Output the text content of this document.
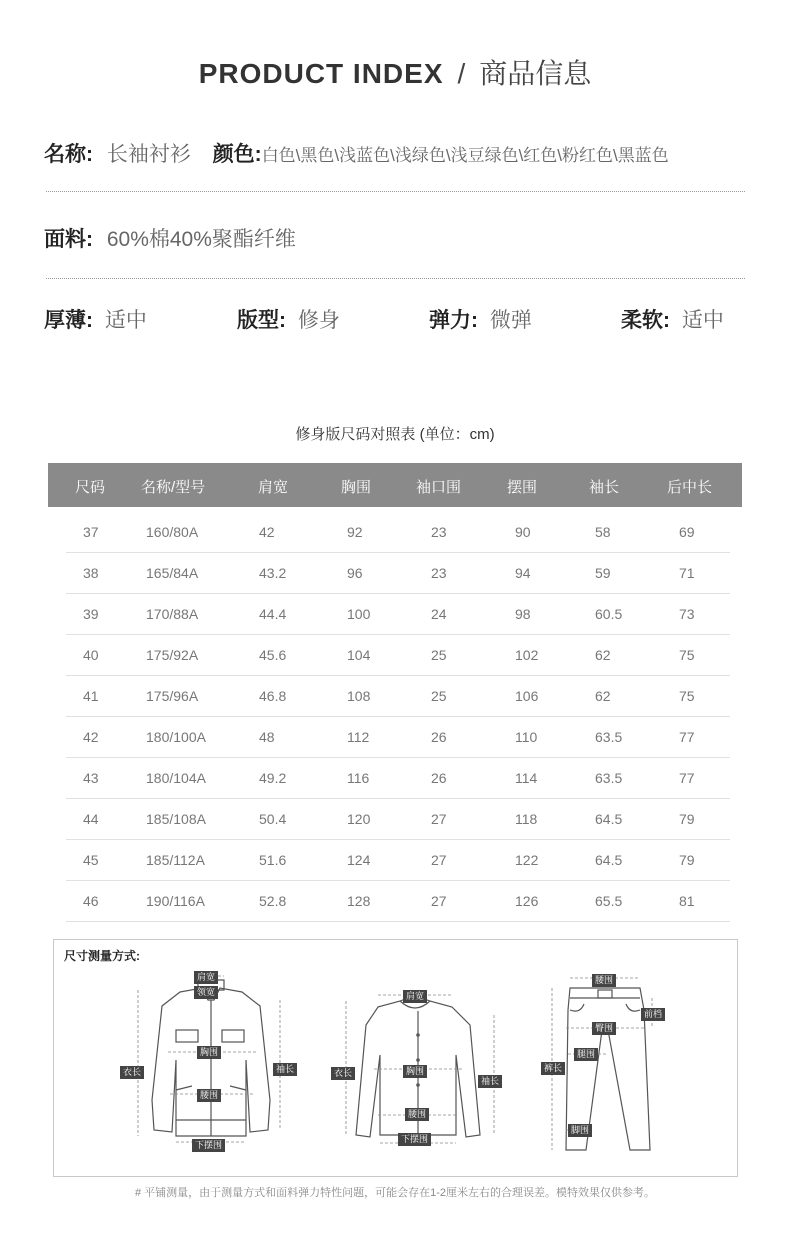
PRODUCT INDEX / 商品信息
名称: 长袖衬衫 颜色:白色\黑色\浅蓝色\浅绿色\浅豆绿色\红色\粉红色\黑蓝色
面料: 60%棉40%聚酯纤维
厚薄: 适中	版型: 修身	弹力: 微弹	柔软: 适中
修身版尺码对照表 (单位：cm)
尺码 名称/型号	肩宽	胸围	袖口围	摆围	袖长	后中长
37	160/80A	42	92	23	90	58	69
38	165/84A	43.2	96	23	94	59	71
39	170/88A	44.4	100	24	98	60.5	73
40	175/92A	45.6	104	25	102	62	75
41	175/96A	46.8	108	25	106	62	75
42	180/100A	48	112	26	110	63.5	77
43	180/104A	49.2	116	26	114	63.5	77
44	185/108A	50.4	120	27	118	64.5	79
45	185/112A	51.6	124	27	122	64.5	79
46	190/116A	52.8	128	27	126	65.5	81
尺寸测量方式:
肩宽
领宽
胸围
腰围
衣长	袖长
下摆围
肩宽
胸围
腰围
衣长
袖长
下摆围
腰围
前档
臀围
腿围
裤长
脚围
# 平铺测量，由于测量方式和面料弹力特性问题，可能会存在1-2厘米左右的合理误差。模特效果仅供参考。
